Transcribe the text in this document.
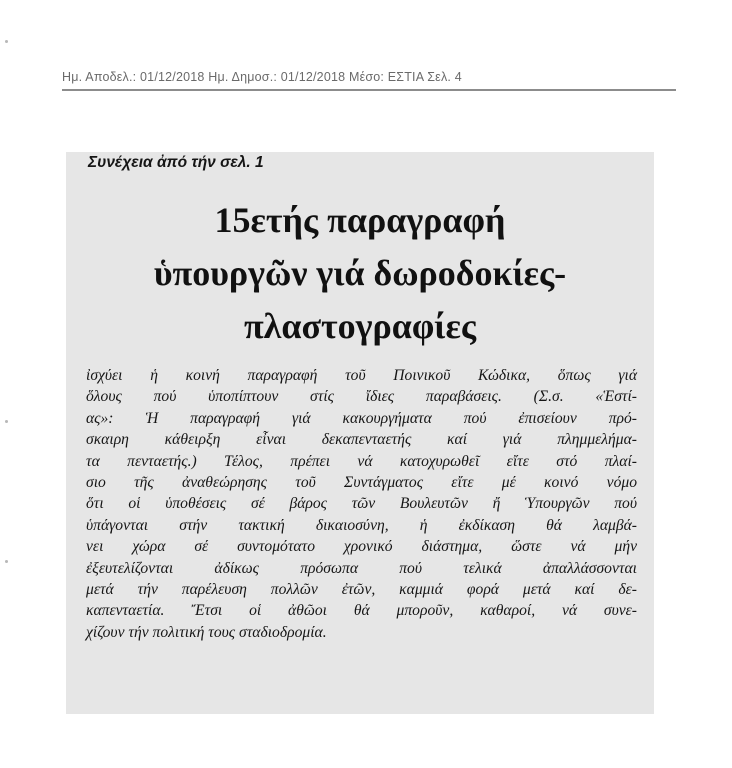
Ημ. Αποδελ.: 01/12/2018 Ημ. Δημοσ.: 01/12/2018 Μέσο: ΕΣΤΙΑ Σελ. 4
Συνέχεια ἀπό τήν σελ. 1
15ετής παραγραφή
ὑπουργῶν γιά δωροδοκίες-
πλαστογραφίες
ἰσχύει ἡ κοινή παραγραφή τοῦ Ποινικοῦ Κώδικα, ὅπως γιά
ὅλους πού ὑποπίπτουν στίς ἴδιες παραβάσεις. (Σ.σ. «Ἑστί-
ας»: Ἡ παραγραφή γιά κακουργήματα πού ἐπισείουν πρό-
σκαιρη κάθειρξη εἶναι δεκαπενταετής καί γιά πλημμελήμα-
τα πενταετής.) Τέλος, πρέπει νά κατοχυρωθεῖ εἴτε στό πλαί-
σιο τῆς ἀναθεώρησης τοῦ Συντάγματος εἴτε μέ κοινό νόμο
ὅτι οἱ ὑποθέσεις σέ βάρος τῶν Βουλευτῶν ἤ Ὑπουργῶν πού
ὑπάγονται στήν τακτική δικαιοσύνη, ἡ ἐκδίκαση θά λαμβά-
νει χώρα σέ συντομότατο χρονικό διάστημα, ὥστε νά μήν
ἐξευτελίζονται ἀδίκως πρόσωπα πού τελικά ἀπαλλάσσονται
μετά τήν παρέλευση πολλῶν ἐτῶν, καμμιά φορά μετά καί δε-
καπενταετία. Ἔτσι οἱ ἀθῶοι θά μποροῦν, καθαροί, νά συνε-
χίζουν τήν πολιτική τους σταδιοδρομία.
